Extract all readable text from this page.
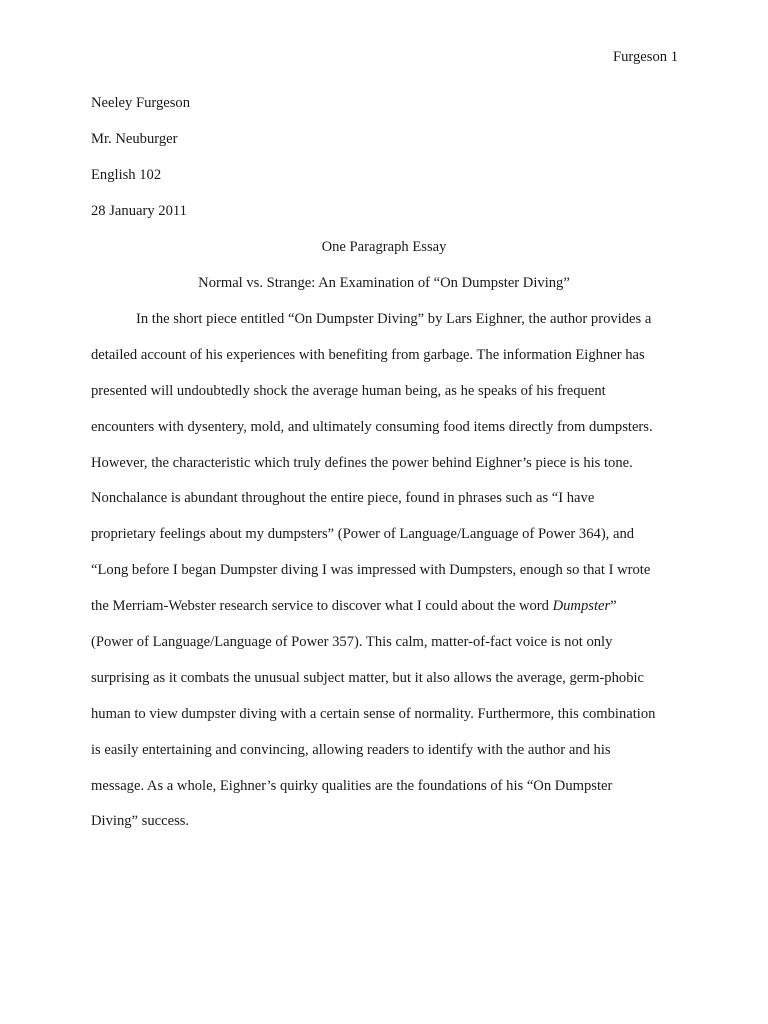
Furgeson 1
Neeley Furgeson
Mr. Neuburger
English 102
28 January 2011
One Paragraph Essay
Normal vs. Strange: An Examination of “On Dumpster Diving”
In the short piece entitled “On Dumpster Diving” by Lars Eighner, the author provides a
detailed account of his experiences with benefiting from garbage. The information Eighner has
presented will undoubtedly shock the average human being, as he speaks of his frequent
encounters with dysentery, mold, and ultimately consuming food items directly from dumpsters.
However, the characteristic which truly defines the power behind Eighner’s piece is his tone.
Nonchalance is abundant throughout the entire piece, found in phrases such as “I have
proprietary feelings about my dumpsters” (Power of Language/Language of Power 364), and
“Long before I began Dumpster diving I was impressed with Dumpsters, enough so that I wrote
the Merriam-Webster research service to discover what I could about the word Dumpster”
(Power of Language/Language of Power 357). This calm, matter-of-fact voice is not only
surprising as it combats the unusual subject matter, but it also allows the average, germ-phobic
human to view dumpster diving with a certain sense of normality. Furthermore, this combination
is easily entertaining and convincing, allowing readers to identify with the author and his
message. As a whole, Eighner’s quirky qualities are the foundations of his “On Dumpster
Diving” success.
